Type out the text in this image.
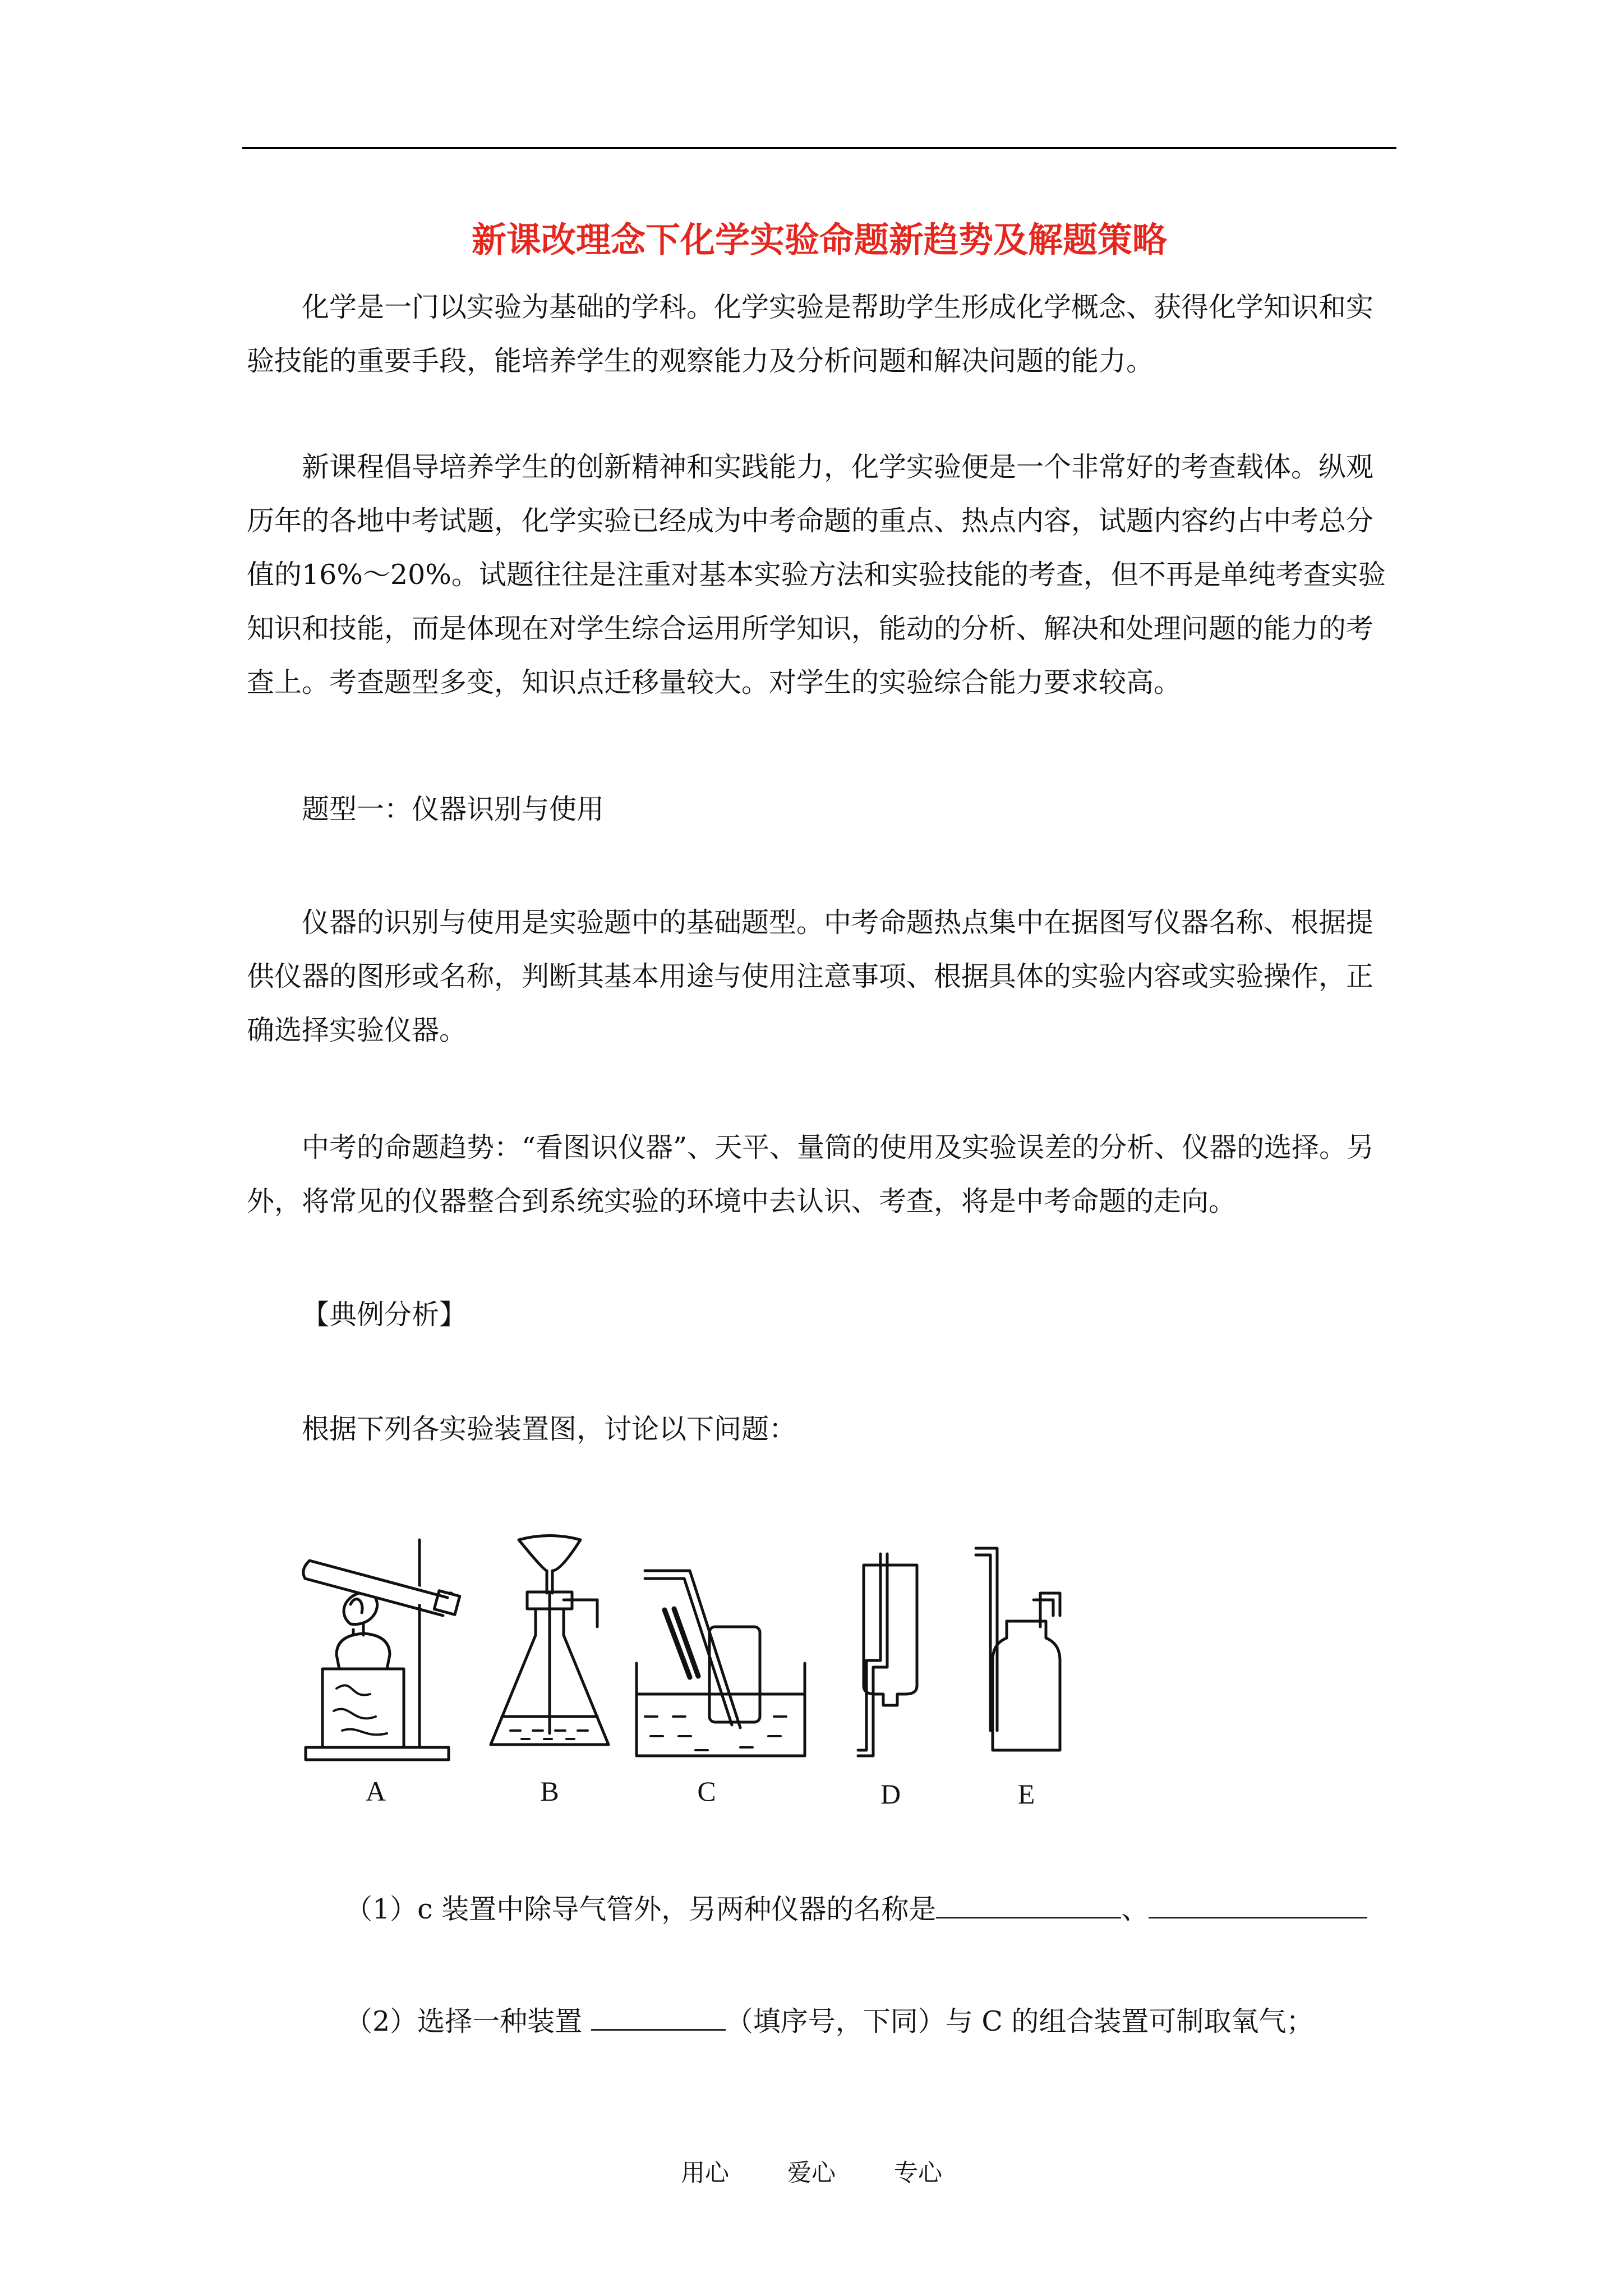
新课改理念下化学实验命题新趋势及解题策略

化学是一门以实验为基础的学科。化学实验是帮助学生形成化学概念、获得化学知识和实验技能的重要手段，能培养学生的观察能力及分析问题和解决问题的能力。

新课程倡导培养学生的创新精神和实践能力，化学实验便是一个非常好的考查载体。纵观历年的各地中考试题，化学实验已经成为中考命题的重点、热点内容，试题内容约占中考总分值的16%～20%。试题往往是注重对基本实验方法和实验技能的考查，但不再是单纯考查实验知识和技能，而是体现在对学生综合运用所学知识，能动的分析、解决和处理问题的能力的考查上。考查题型多变，知识点迁移量较大。对学生的实验综合能力要求较高。

题型一：仪器识别与使用

仪器的识别与使用是实验题中的基础题型。中考命题热点集中在据图写仪器名称、根据提供仪器的图形或名称，判断其基本用途与使用注意事项、根据具体的实验内容或实验操作，正确选择实验仪器。

中考的命题趋势：“看图识仪器”、天平、量筒的使用及实验误差的分析、仪器的选择。另外，将常见的仪器整合到系统实验的环境中去认识、考查，将是中考命题的走向。

【典例分析】

根据下列各实验装置图，讨论以下问题：

A	B	C	D	E
（1）c 装置中除导气管外，另两种仪器的名称是	、
（2）选择一种装置	（填序号，下同）与 C 的组合装置可制取氧气；
用心 爱心 专心
